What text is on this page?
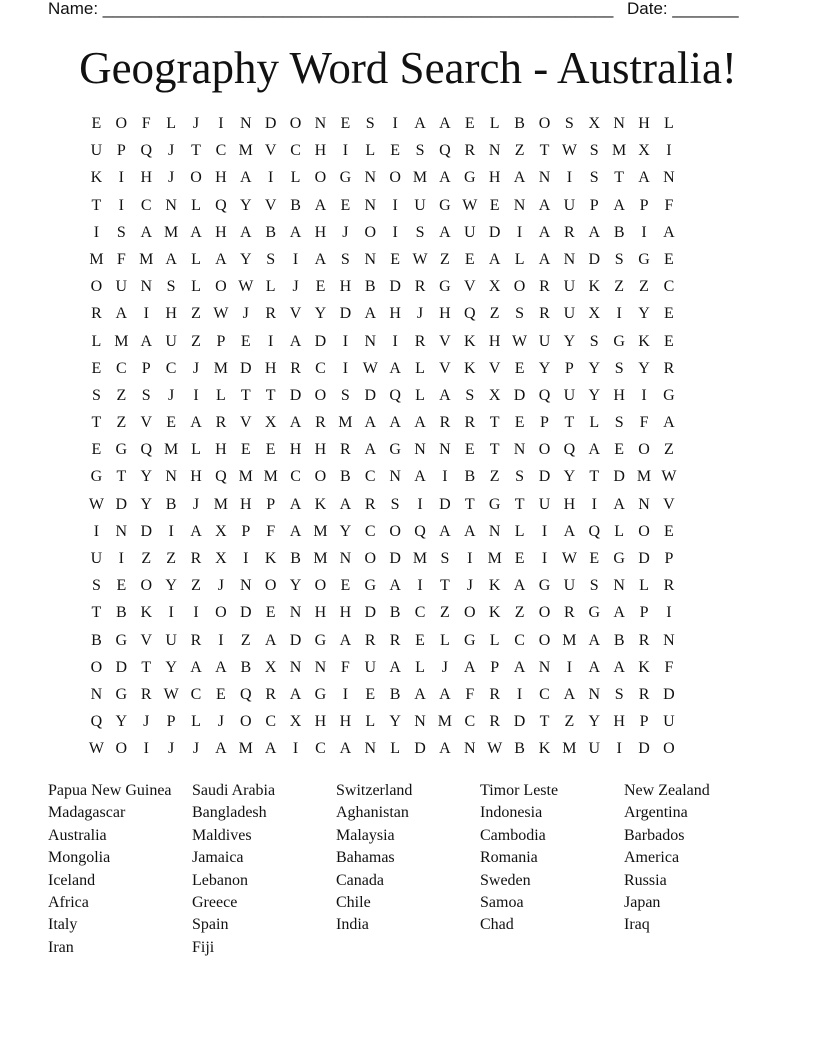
Name: ______________________________________________________ Date: _______
Geography Word Search - Australia!
E O F L	J	I	N D O N E S	I	A A E L B O S X N H L
U P Q	J	T C M V C H	I	L E S Q R N Z T W S M X	I
K	I	H	J O H A	I	L O G N O M A G H A N	I	S T A N
T	I	C N L Q Y V B A E N	I	U G W E N A U P A P F
I	S A M A H A B A H	J O	I	S A U D	I	A R A B	I	A
M F M A L A Y S	I	A S N E W Z E A L A N D S G E
O U N S L O W L	J	E H B D R G V X O R U K Z Z C
R A	I	H Z W J	R V Y D A H	J H Q Z S R U X	I	Y E
L M A U Z P E	I	A D	I	N	I	R V K H W U Y S G K E
E C P C	J M D H R C	I W A L V K V E Y P Y S Y R
S Z S	J	I	L T T D O S D Q L A S X D Q U Y H	I	G
T Z V E A R V X A R M A A A R R T E P T L S F A
E G Q M L H E E H H R A G N N E T N O Q A E O Z
G T Y N H Q M M C O B C N A	I	B Z S D Y T D M W
W D Y B	J M H P A K A R S	I	D T G T U H	I	A N V
I	N D	I	A X P F A M Y C O Q A A N L	I	A Q L O E
U	I	Z Z R X	I	K B M N O D M S	I M E	I W E G D P
S E O Y Z	J N O Y O E G A	I	T	J K A G U S N L R
T B K	I	I	O D E N H H D B C Z O K Z O R G A P	I
B G V U R	I	Z A D G A R R E L G L C O M A B R N
O D T Y A A B X N N F U A L	J A P A N	I	A A K F
N G R W C E Q R A G	I	E B A A F R	I	C A N S R D
Q Y	J	P L	J O C X H H L Y N M C R D T Z Y H P U
W O	I	J	J A M A	I	C A N L D A N W B K M U	I	D O
Papua New Guinea
Madagascar
Australia
Mongolia
Iceland
Africa
Italy
Iran
Saudi Arabia
Bangladesh
Maldives
Jamaica
Lebanon
Greece
Spain
Fiji
Switzerland
Aghanistan
Malaysia
Bahamas
Canada
Chile
India
Timor Leste
Indonesia
Cambodia
Romania
Sweden
Samoa
Chad
New Zealand
Argentina
Barbados
America
Russia
Japan
Iraq
